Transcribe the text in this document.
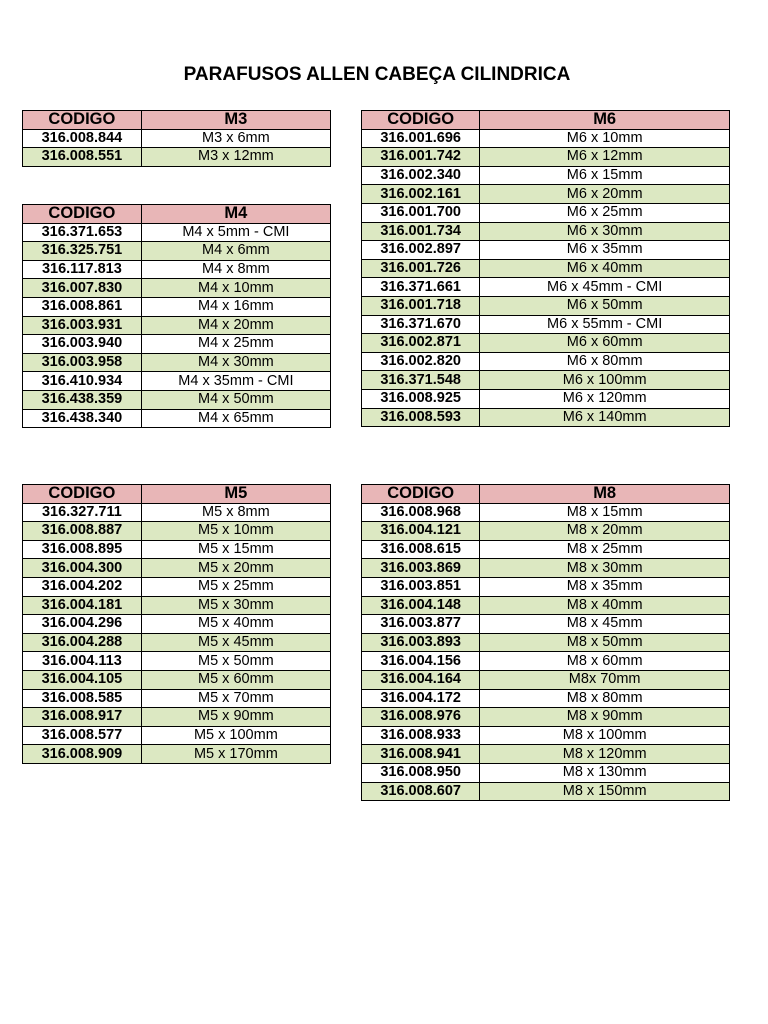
PARAFUSOS ALLEN CABEÇA CILINDRICA
CODIGO	M3
316.008.844	M3 x 6mm
316.008.551	M3 x 12mm
CODIGO	M4
316.371.653	M4 x 5mm - CMI
316.325.751	M4 x 6mm
316.117.813	M4 x 8mm
316.007.830	M4 x 10mm
316.008.861	M4 x 16mm
316.003.931	M4 x 20mm
316.003.940	M4 x 25mm
316.003.958	M4 x 30mm
316.410.934	M4 x 35mm - CMI
316.438.359	M4 x 50mm
316.438.340	M4 x 65mm
CODIGO	M6
316.001.696	M6 x 10mm
316.001.742	M6 x 12mm
316.002.340	M6 x 15mm
316.002.161	M6 x 20mm
316.001.700	M6 x 25mm
316.001.734	M6 x 30mm
316.002.897	M6 x 35mm
316.001.726	M6 x 40mm
316.371.661	M6 x 45mm - CMI
316.001.718	M6 x 50mm
316.371.670	M6 x 55mm - CMI
316.002.871	M6 x 60mm
316.002.820	M6 x 80mm
316.371.548	M6 x 100mm
316.008.925	M6 x 120mm
316.008.593	M6 x 140mm
CODIGO	M5
316.327.711	M5 x 8mm
316.008.887	M5 x 10mm
316.008.895	M5 x 15mm
316.004.300	M5 x 20mm
316.004.202	M5 x 25mm
316.004.181	M5 x 30mm
316.004.296	M5 x 40mm
316.004.288	M5 x 45mm
316.004.113	M5 x 50mm
316.004.105	M5 x 60mm
316.008.585	M5 x 70mm
316.008.917	M5 x 90mm
316.008.577	M5 x 100mm
316.008.909	M5 x 170mm
CODIGO	M8
316.008.968	M8 x 15mm
316.004.121	M8 x 20mm
316.008.615	M8 x 25mm
316.003.869	M8 x 30mm
316.003.851	M8 x 35mm
316.004.148	M8 x 40mm
316.003.877	M8 x 45mm
316.003.893	M8 x 50mm
316.004.156	M8 x 60mm
316.004.164	M8x 70mm
316.004.172	M8 x 80mm
316.008.976	M8 x 90mm
316.008.933	M8 x 100mm
316.008.941	M8 x 120mm
316.008.950	M8 x 130mm
316.008.607	M8 x 150mm
